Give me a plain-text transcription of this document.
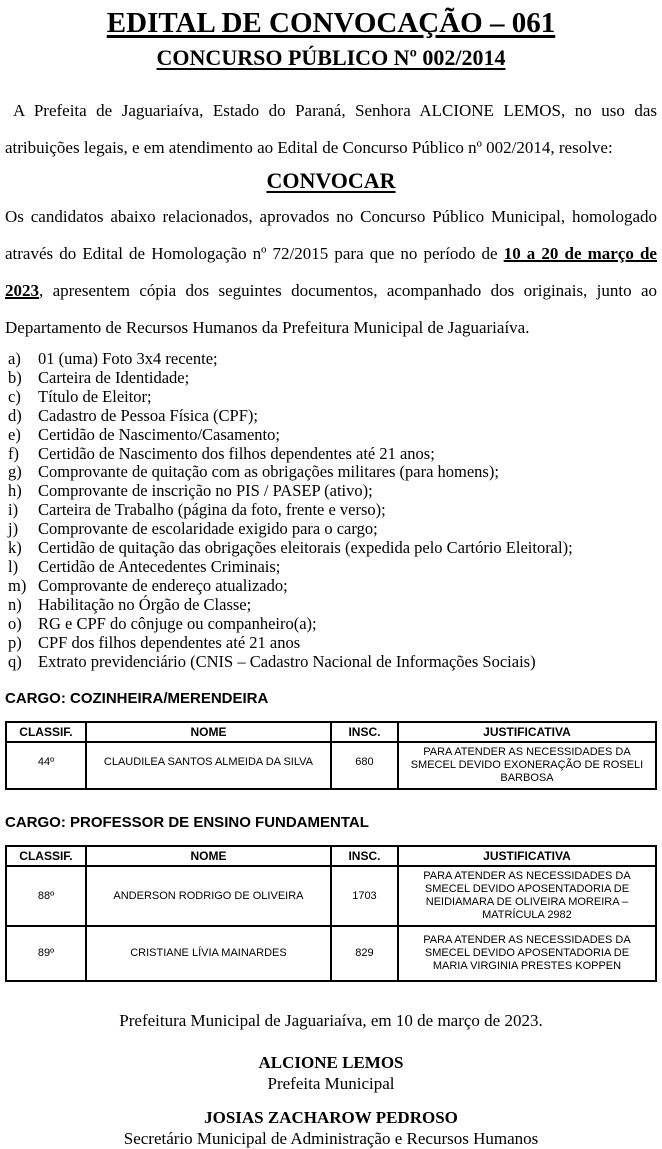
EDITAL DE CONVOCAÇÃO – 061
CONCURSO PÚBLICO Nº 002/2014

A Prefeita de Jaguariaíva, Estado do Paraná, Senhora ALCIONE LEMOS, no uso das atribuições legais, e em atendimento ao Edital de Concurso Público nº 002/2014, resolve:

CONVOCAR

Os candidatos abaixo relacionados, aprovados no Concurso Público Municipal, homologado através do Edital de Homologação nº 72/2015 para que no período de 10 a 20 de março de 2023, apresentem cópia dos seguintes documentos, acompanhado dos originais, junto ao Departamento de Recursos Humanos da Prefeitura Municipal de Jaguariaíva.

a)	01 (uma) Foto 3x4 recente;
b) Carteira de Identidade;
c)	Título de Eleitor;
d) Cadastro de Pessoa Física (CPF);
e)	Certidão de Nascimento/Casamento;
f)	Certidão de Nascimento dos filhos dependentes até 21 anos;
g) Comprovante de quitação com as obrigações militares (para homens);
h) Comprovante de inscrição no PIS / PASEP (ativo);
i)	Carteira de Trabalho (página da foto, frente e verso);
j)	Comprovante de escolaridade exigido para o cargo;
k) Certidão de quitação das obrigações eleitorais (expedida pelo Cartório Eleitoral);
l)	Certidão de Antecedentes Criminais;
m) Comprovante de endereço atualizado;
n) Habilitação no Órgão de Classe;
o) RG e CPF do cônjuge ou companheiro(a);
p) CPF dos filhos dependentes até 21 anos
q) Extrato previdenciário (CNIS – Cadastro Nacional de Informações Sociais)
CARGO: COZINHEIRA/MERENDEIRA
CLASSIF.	NOME	INSC.	JUSTIFICATIVA
44º	CLAUDILEA SANTOS ALMEIDA DA SILVA	680	PARA ATENDER AS NECESSIDADES DA SMECEL DEVIDO EXONERAÇÃO DE ROSELI BARBOSA
CARGO: PROFESSOR DE ENSINO FUNDAMENTAL
CLASSIF.	NOME	INSC.	JUSTIFICATIVA
88º	ANDERSON RODRIGO DE OLIVEIRA	1703	PARA ATENDER AS NECESSIDADES DA SMECEL DEVIDO APOSENTADORIA DE NEIDIAMARA DE OLIVEIRA MOREIRA – MATRÍCULA 2982
89º	CRISTIANE LÍVIA MAINARDES	829	PARA ATENDER AS NECESSIDADES DA SMECEL DEVIDO APOSENTADORIA DE MARIA VIRGINIA PRESTES KOPPEN

Prefeitura Municipal de Jaguariaíva, em 10 de março de 2023.

ALCIONE LEMOS
Prefeita Municipal
JOSIAS ZACHAROW PEDROSO
Secretário Municipal de Administração e Recursos Humanos
